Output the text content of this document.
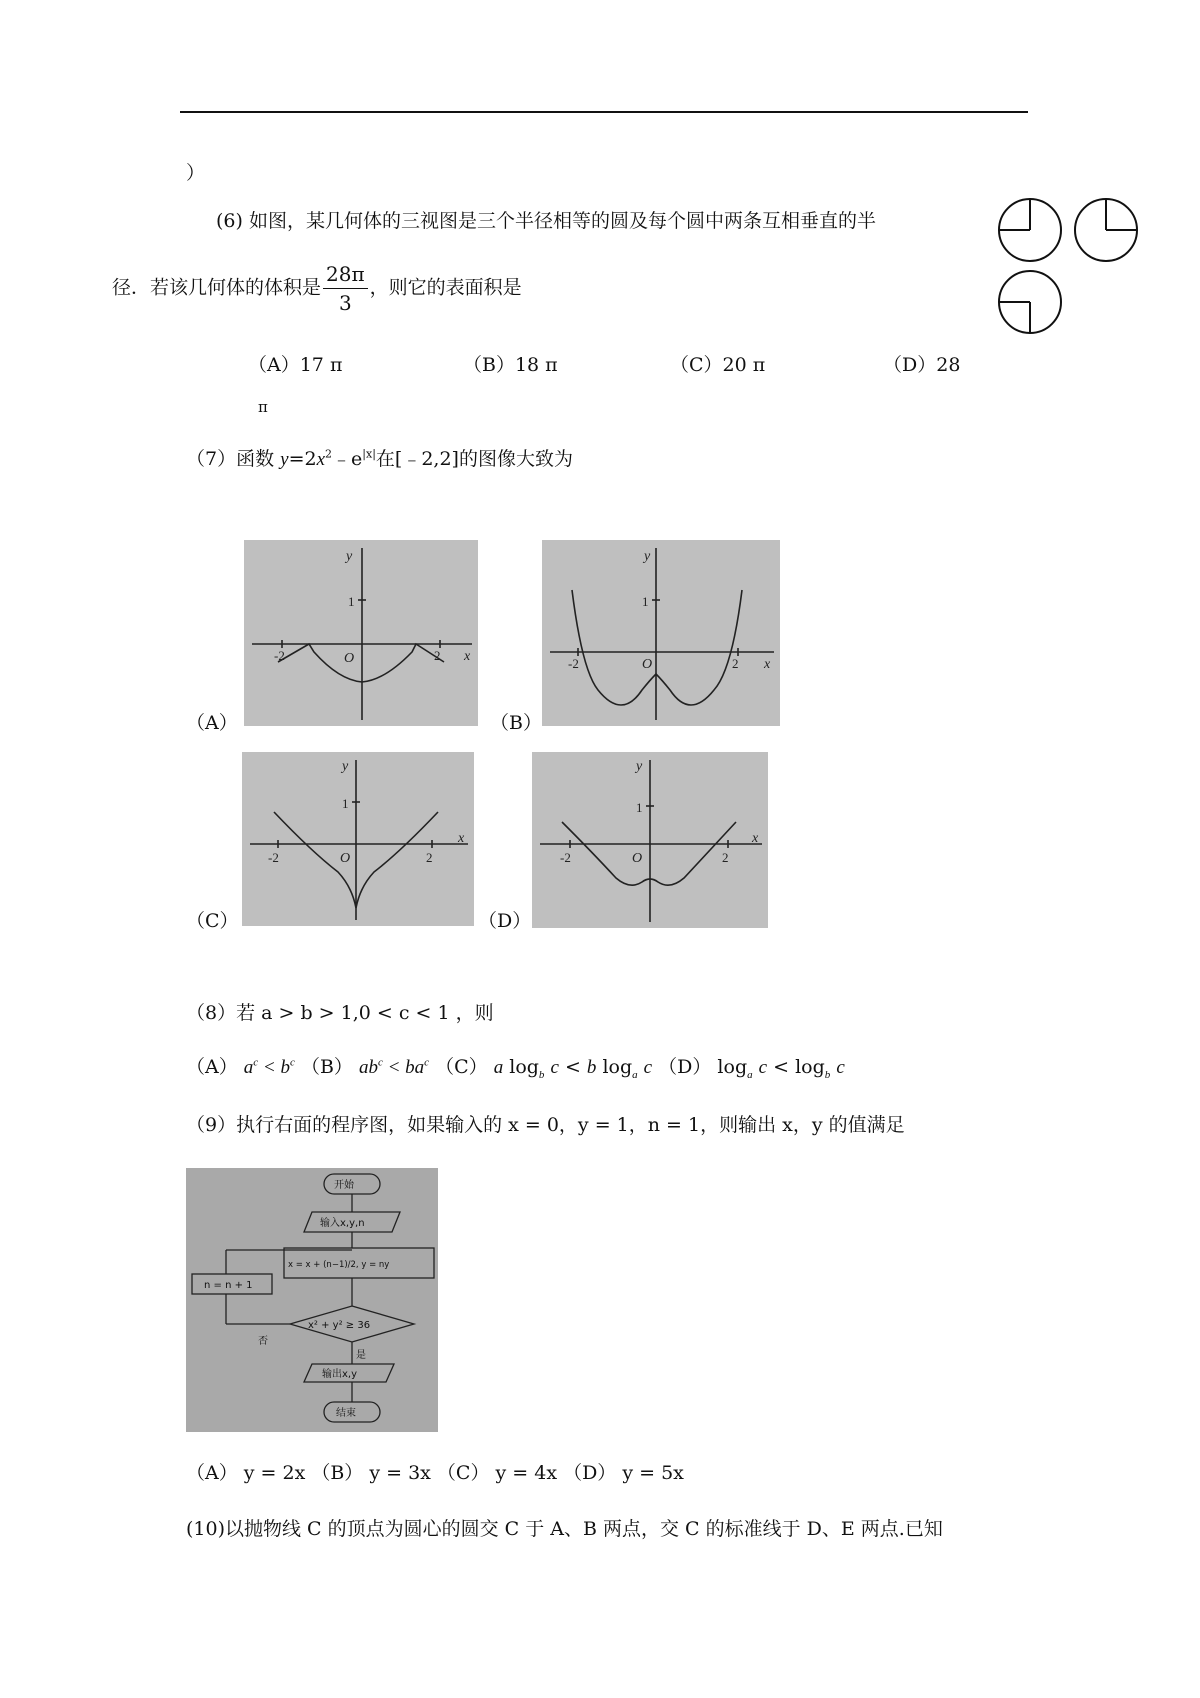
）
(6) 如图，某几何体的三视图是三个半径相等的圆及每个圆中两条互相垂直的半
径．若该几何体的体积是 $\frac{28\pi}{3}$ ，则它的表面积是
（A）17 π	（B）18 π	（C）20 π	（D）28
π
（7）函数 $y=2x^2﹣e^{|x|}$在[﹣2,2]的图像大致为
y
x
O
1
-2	2
y
x
O
1
-2	2
y
x
O
1
-2	2
y
x
O
1
-2	2
（A）	（B）
（C）	（D）
（8）若 a > b > 1,0 < c < 1 ，则
（A） $a^c < b^c$ （B） $ab^c < ba^c$ （C） a $\log_b c < b$ $\log_a c$ （D） $\log_a c < \log_b c$
（9）执行右面的程序图，如果输入的 x = 0，y = 1，n = 1，则输出 x，y 的值满足
开始
输入x,y,n
x = x + (n−1)/2, y = ny
x² + y² ≥ 36
n = n + 1
否
是
输出x,y
结束
（A） y = 2x （B） y = 3x （C） y = 4x （D） y = 5x
(10)以抛物线 C 的顶点为圆心的圆交 C 于 A、B 两点，交 C 的标准线于 D、E 两点.已知
